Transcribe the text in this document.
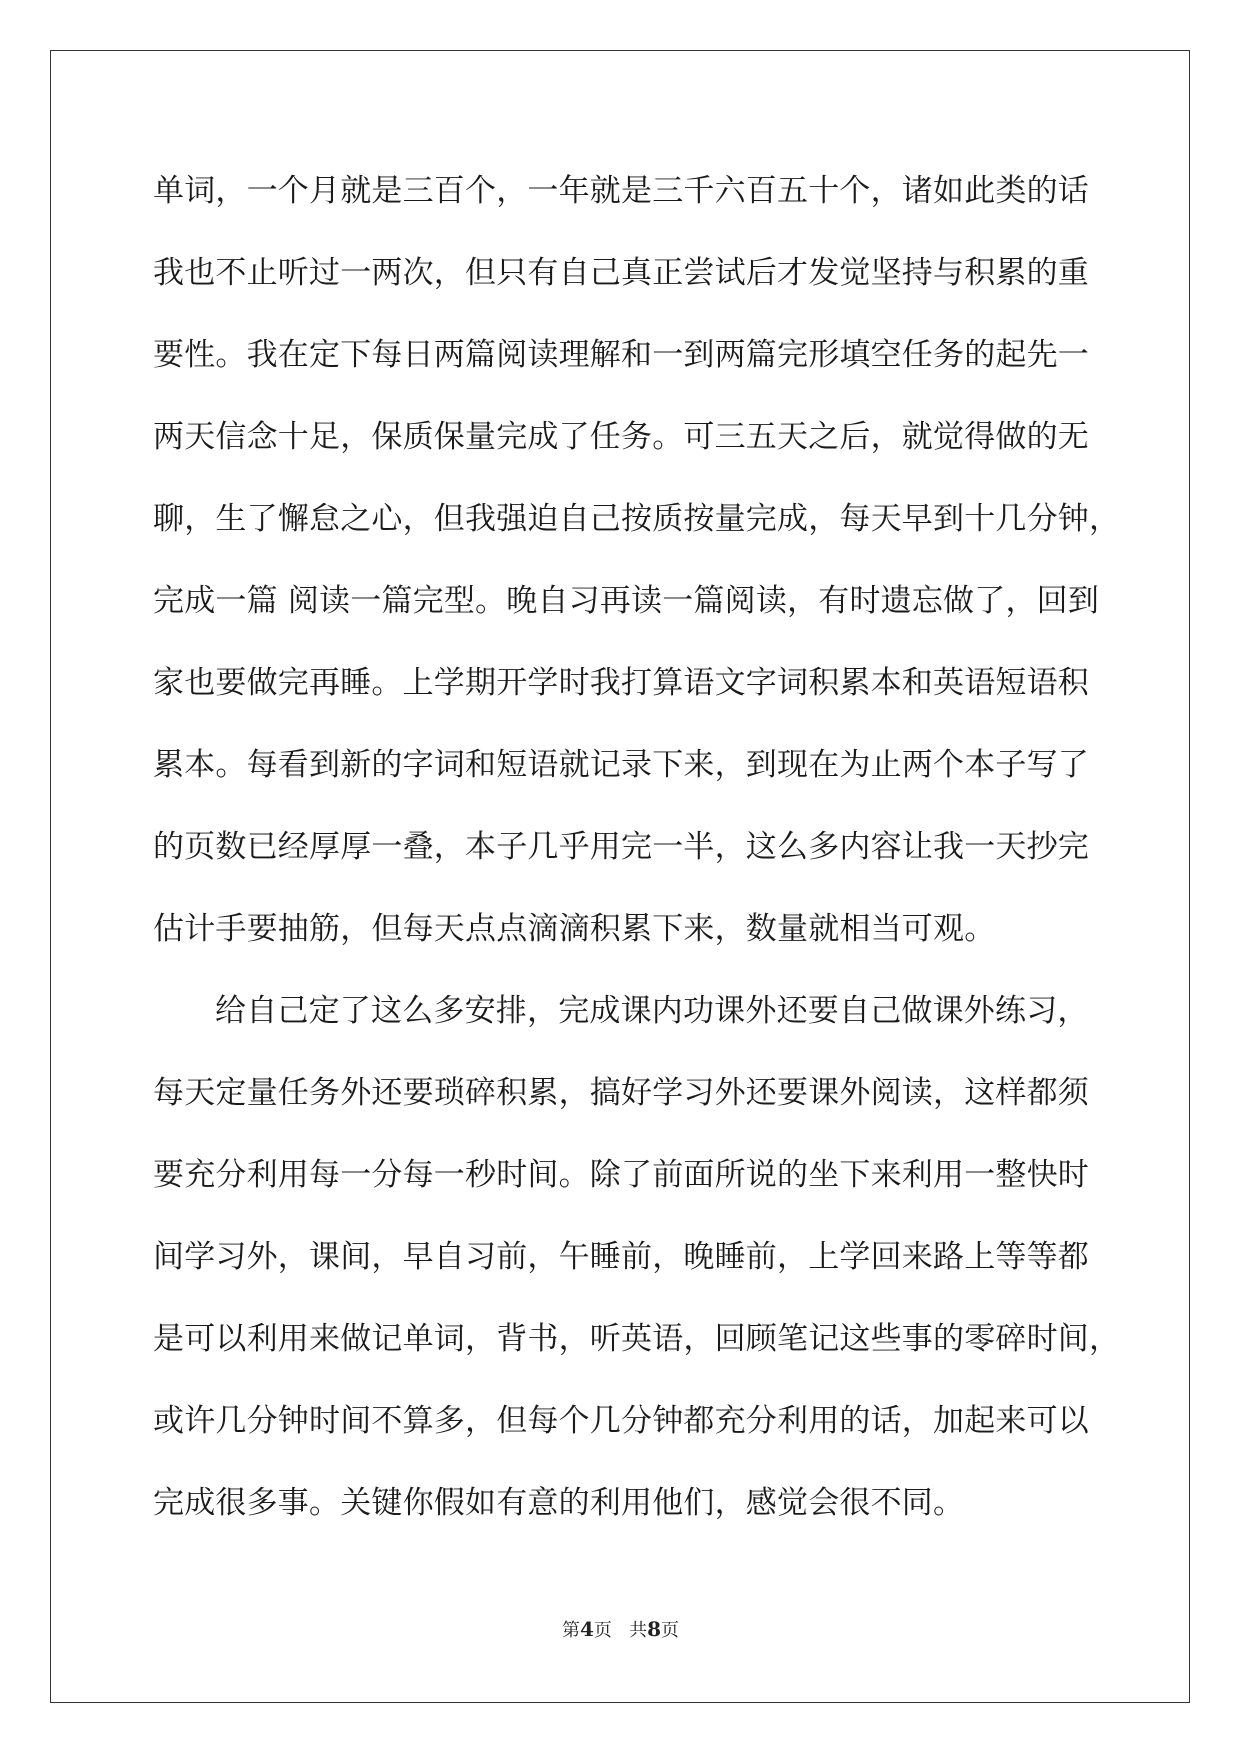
单词，一个月就是三百个，一年就是三千六百五十个，诸如此类的话
我也不止听过一两次，但只有自己真正尝试后才发觉坚持与积累的重
要性。我在定下每日两篇阅读理解和一到两篇完形填空任务的起先一
两天信念十足，保质保量完成了任务。可三五天之后，就觉得做的无
聊，生了懈怠之心，但我强迫自己按质按量完成，每天早到十几分钟，
完成一篇 阅读一篇完型。晚自习再读一篇阅读，有时遗忘做了，回到
家也要做完再睡。上学期开学时我打算语文字词积累本和英语短语积
累本。每看到新的字词和短语就记录下来，到现在为止两个本子写了
的页数已经厚厚一叠，本子几乎用完一半，这么多内容让我一天抄完
估计手要抽筋，但每天点点滴滴积累下来，数量就相当可观。
给自己定了这么多安排，完成课内功课外还要自己做课外练习，
每天定量任务外还要琐碎积累，搞好学习外还要课外阅读，这样都须
要充分利用每一分每一秒时间。除了前面所说的坐下来利用一整快时
间学习外，课间，早自习前，午睡前，晚睡前，上学回来路上等等都
是可以利用来做记单词，背书，听英语，回顾笔记这些事的零碎时间，
或许几分钟时间不算多，但每个几分钟都充分利用的话，加起来可以
完成很多事。关键你假如有意的利用他们，感觉会很不同。
第4页 共8页
